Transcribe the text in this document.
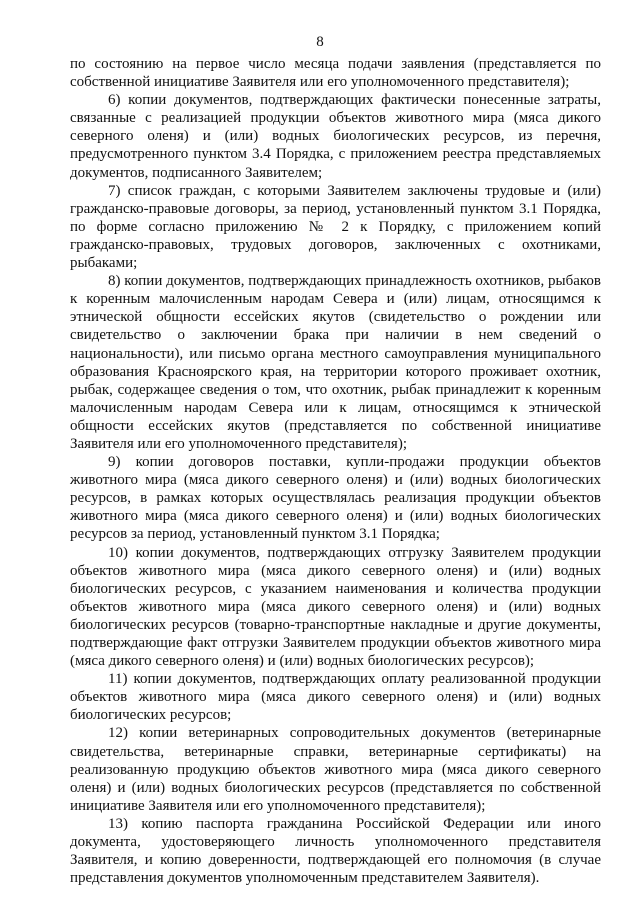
8

по состоянию на первое число месяца подачи заявления (представляется по собственной инициативе Заявителя или его уполномоченного представителя);

6) копии документов, подтверждающих фактически понесенные затраты, связанные с реализацией продукции объектов животного мира (мяса дикого северного оленя) и (или) водных биологических ресурсов, из перечня, предусмотренного пунктом 3.4 Порядка, с приложением реестра представляемых документов, подписанного Заявителем;

7) список граждан, с которыми Заявителем заключены трудовые и (или) гражданско-правовые договоры, за период, установленный пунктом 3.1 Порядка, по форме согласно приложению № 2 к Порядку, с приложением копий гражданско-правовых, трудовых договоров, заключенных с охотниками, рыбаками;

8) копии документов, подтверждающих принадлежность охотников, рыбаков к коренным малочисленным народам Севера и (или) лицам, относящимся к этнической общности ессейских якутов (свидетельство о рождении или свидетельство о заключении брака при наличии в нем сведений о национальности), или письмо органа местного самоуправления муниципального образования Красноярского края, на территории которого проживает охотник, рыбак, содержащее сведения о том, что охотник, рыбак принадлежит к коренным малочисленным народам Севера или к лицам, относящимся к этнической общности ессейских якутов (представляется по собственной инициативе Заявителя или его уполномоченного представителя);

9) копии договоров поставки, купли-продажи продукции объектов животного мира (мяса дикого северного оленя) и (или) водных биологических ресурсов, в рамках которых осуществлялась реализация продукции объектов животного мира (мяса дикого северного оленя) и (или) водных биологических ресурсов за период, установленный пунктом 3.1 Порядка;

10) копии документов, подтверждающих отгрузку Заявителем продукции объектов животного мира (мяса дикого северного оленя) и (или) водных биологических ресурсов, с указанием наименования и количества продукции объектов животного мира (мяса дикого северного оленя) и (или) водных биологических ресурсов (товарно-транспортные накладные и другие документы, подтверждающие факт отгрузки Заявителем продукции объектов животного мира (мяса дикого северного оленя) и (или) водных биологических ресурсов);

11) копии документов, подтверждающих оплату реализованной продукции объектов животного мира (мяса дикого северного оленя) и (или) водных биологических ресурсов;

12) копии ветеринарных сопроводительных документов (ветеринарные свидетельства, ветеринарные справки, ветеринарные сертификаты) на реализованную продукцию объектов животного мира (мяса дикого северного оленя) и (или) водных биологических ресурсов (представляется по собственной инициативе Заявителя или его уполномоченного представителя);

13) копию паспорта гражданина Российской Федерации или иного документа, удостоверяющего личность уполномоченного представителя Заявителя, и копию доверенности, подтверждающей его полномочия (в случае представления документов уполномоченным представителем Заявителя).
